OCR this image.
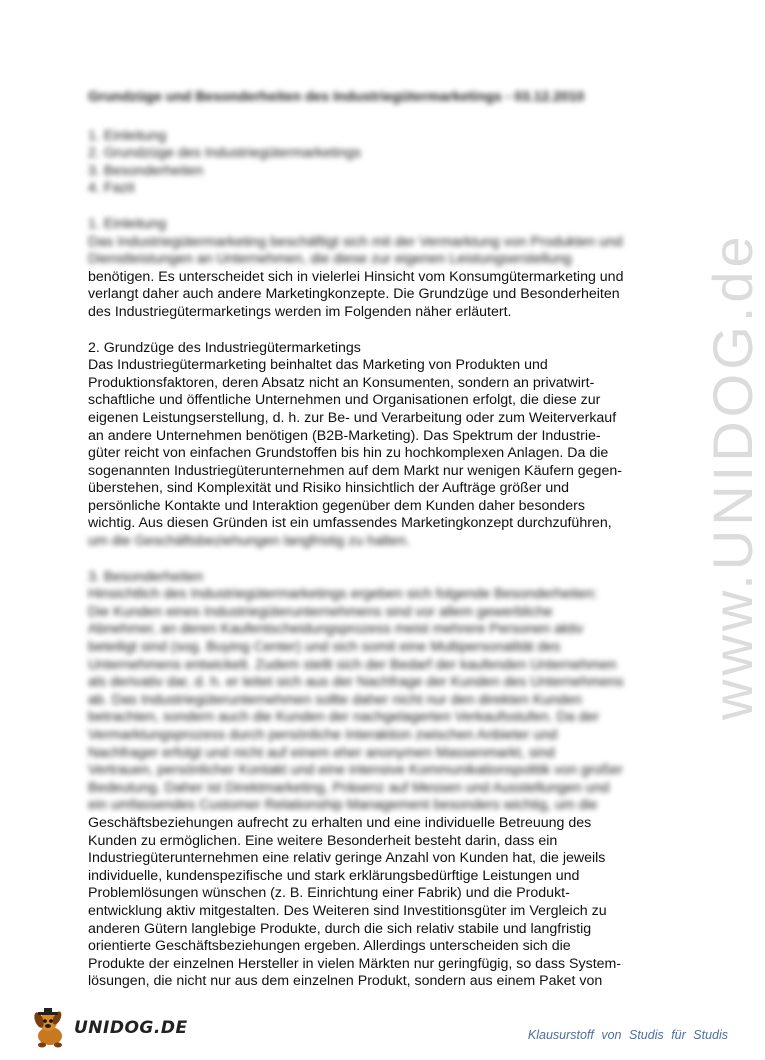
www.UNIDOG.de
Grundzüge und Besonderheiten des Industriegütermarketings - 03.12.2010
1. Einleitung
2. Grundzüge des Industriegütermarketings
3. Besonderheiten
4. Fazit
1. Einleitung
Das Industriegütermarketing beschäftigt sich mit der Vermarktung von Produkten und
Dienstleistungen an Unternehmen, die diese zur eigenen Leistungserstellung
benötigen. Es unterscheidet sich in vielerlei Hinsicht vom Konsumgütermarketing und
verlangt daher auch andere Marketingkonzepte. Die Grundzüge und Besonderheiten
des Industriegütermarketings werden im Folgenden näher erläutert.
2. Grundzüge des Industriegütermarketings
Das Industriegütermarketing beinhaltet das Marketing von Produkten und
Produktionsfaktoren, deren Absatz nicht an Konsumenten, sondern an privatwirt-
schaftliche und öffentliche Unternehmen und Organisationen erfolgt, die diese zur
eigenen Leistungserstellung, d. h. zur Be- und Verarbeitung oder zum Weiterverkauf
an andere Unternehmen benötigen (B2B-Marketing). Das Spektrum der Industrie-
güter reicht von einfachen Grundstoffen bis hin zu hochkomplexen Anlagen. Da die
sogenannten Industriegüterunternehmen auf dem Markt nur wenigen Käufern gegen-
überstehen, sind Komplexität und Risiko hinsichtlich der Aufträge größer und
persönliche Kontakte und Interaktion gegenüber dem Kunden daher besonders
wichtig. Aus diesen Gründen ist ein umfassendes Marketingkonzept durchzuführen,
um die Geschäftsbeziehungen langfristig zu halten.
3. Besonderheiten
Hinsichtlich des Industriegütermarketings ergeben sich folgende Besonderheiten:
Die Kunden eines Industriegüterunternehmens sind vor allem gewerbliche
Abnehmer, an deren Kaufentscheidungsprozess meist mehrere Personen aktiv
beteiligt sind (sog. Buying Center) und sich somit eine Multipersonalität des
Unternehmens entwickelt. Zudem stellt sich der Bedarf der kaufenden Unternehmen
als derivativ dar, d. h. er leitet sich aus der Nachfrage der Kunden des Unternehmens
ab. Das Industriegüterunternehmen sollte daher nicht nur den direkten Kunden
betrachten, sondern auch die Kunden der nachgelagerten Verkaufsstufen. Da der
Vermarktungsprozess durch persönliche Interaktion zwischen Anbieter und
Nachfrager erfolgt und nicht auf einem eher anonymen Massenmarkt, sind
Vertrauen, persönlicher Kontakt und eine intensive Kommunikationspolitik von großer
Bedeutung. Daher ist Direktmarketing, Präsenz auf Messen und Ausstellungen und
ein umfassendes Customer Relationship Management besonders wichtig, um die
Geschäftsbeziehungen aufrecht zu erhalten und eine individuelle Betreuung des
Kunden zu ermöglichen. Eine weitere Besonderheit besteht darin, dass ein
Industriegüterunternehmen eine relativ geringe Anzahl von Kunden hat, die jeweils
individuelle, kundenspezifische und stark erklärungsbedürftige Leistungen und
Problemlösungen wünschen (z. B. Einrichtung einer Fabrik) und die Produkt-
entwicklung aktiv mitgestalten. Des Weiteren sind Investitionsgüter im Vergleich zu
anderen Gütern langlebige Produkte, durch die sich relativ stabile und langfristig
orientierte Geschäftsbeziehungen ergeben. Allerdings unterscheiden sich die
Produkte der einzelnen Hersteller in vielen Märkten nur geringfügig, so dass System-
lösungen, die nicht nur aus dem einzelnen Produkt, sondern aus einem Paket von
UNIDOG.DE	Klausurstoff von Studis für Studis
